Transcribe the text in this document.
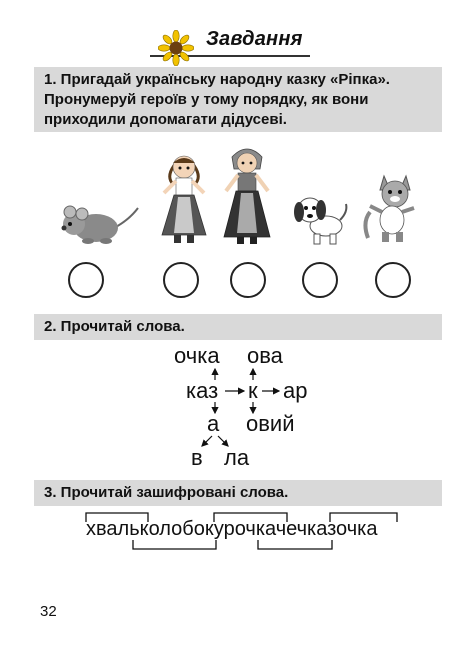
Завдання
1. Пригадай українську народну казку «Ріпка». Пронумеруй героїв у тому порядку, як вони приходили допомагати дідусеві.
2. Прочитай слова.
очка ова
каз к ар
а овий
в ла
3. Прочитай зашифровані слова.
хвальколобокурочкачечказочка
32
